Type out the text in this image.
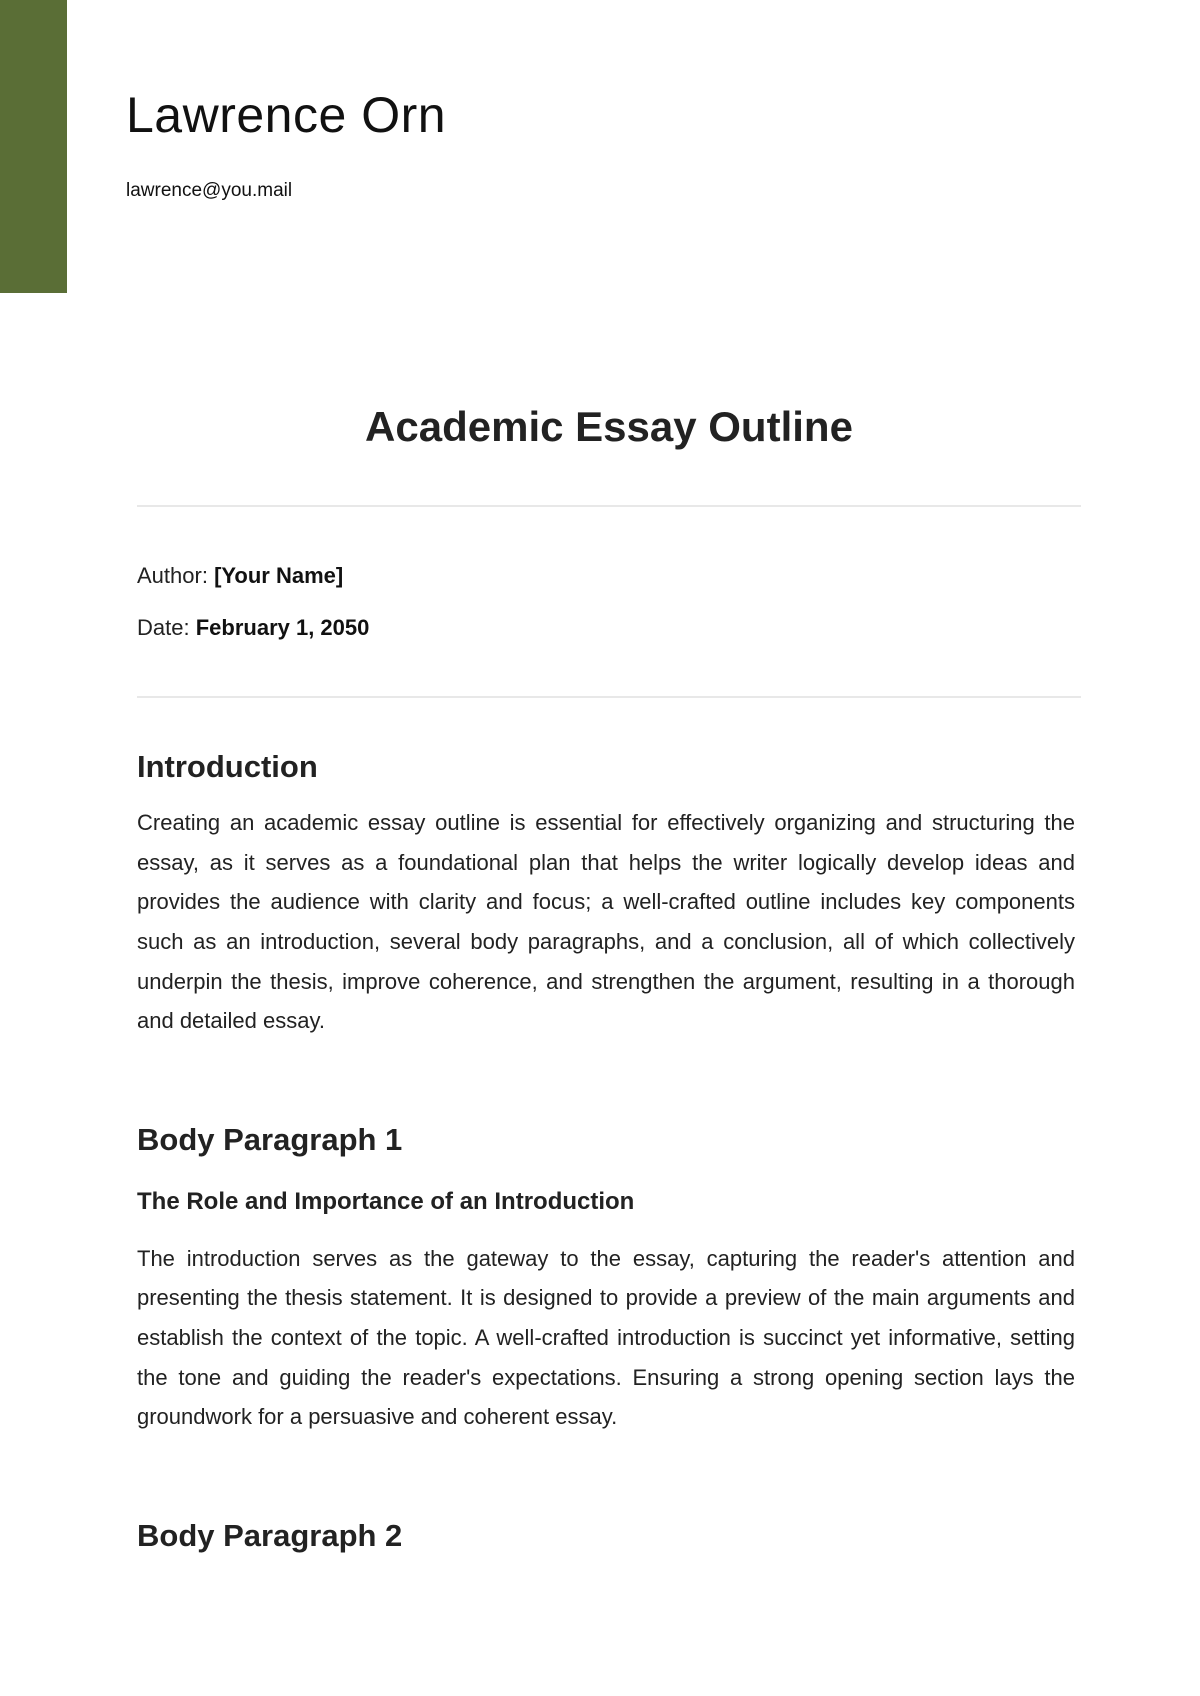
Lawrence Orn

lawrence@you.mail

Academic Essay Outline

Author: [Your Name]

Date: February 1, 2050

Introduction

Creating an academic essay outline is essential for effectively organizing and structuring the essay, as it serves as a foundational plan that helps the writer logically develop ideas and provides the audience with clarity and focus; a well-crafted outline includes key components such as an introduction, several body paragraphs, and a conclusion, all of which collectively underpin the thesis, improve coherence, and strengthen the argument, resulting in a thorough and detailed essay.

Body Paragraph 1
The Role and Importance of an Introduction

The introduction serves as the gateway to the essay, capturing the reader's attention and presenting the thesis statement. It is designed to provide a preview of the main arguments and establish the context of the topic. A well-crafted introduction is succinct yet informative, setting the tone and guiding the reader's expectations. Ensuring a strong opening section lays the groundwork for a persuasive and coherent essay.

Body Paragraph 2
